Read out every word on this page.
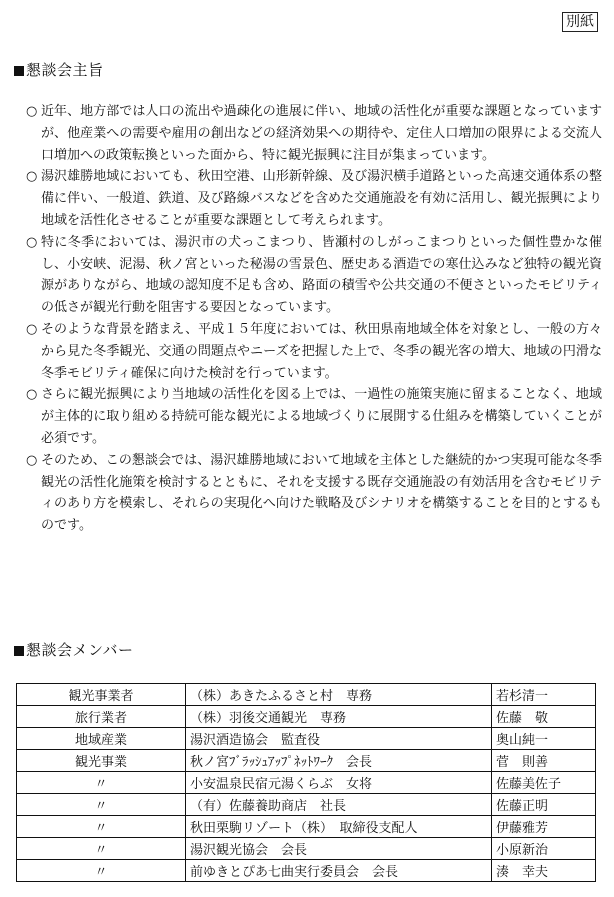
別紙
懇談会主旨
○ 近年、地方部では人口の流出や過疎化の進展に伴い、地域の活性化が重要な課題となっていますが、他産業への需要や雇用の創出などの経済効果への期待や、定住人口増加の限界による交流人口増加への政策転換といった面から、特に観光振興に注目が集まっています。
○ 湯沢雄勝地域においても、秋田空港、山形新幹線、及び湯沢横手道路といった高速交通体系の整備に伴い、一般道、鉄道、及び路線バスなどを含めた交通施設を有効に活用し、観光振興により地域を活性化させることが重要な課題として考えられます。
○ 特に冬季においては、湯沢市の犬っこまつり、皆瀬村のしがっこまつりといった個性豊かな催し、小安峡、泥湯、秋ノ宮といった秘湯の雪景色、歴史ある酒造での寒仕込みなど独特の観光資源がありながら、地域の認知度不足も含め、路面の積雪や公共交通の不便さといったモビリティの低さが観光行動を阻害する要因となっています。
○ そのような背景を踏まえ、平成１５年度においては、秋田県南地域全体を対象とし、一般の方々から見た冬季観光、交通の問題点やニーズを把握した上で、冬季の観光客の増大、地域の円滑な冬季モビリティ確保に向けた検討を行っています。
○ さらに観光振興により当地域の活性化を図る上では、一過性の施策実施に留まることなく、地域が主体的に取り組める持続可能な観光による地域づくりに展開する仕組みを構築していくことが必須です。
○ そのため、この懇談会では、湯沢雄勝地域において地域を主体とした継続的かつ実現可能な冬季観光の活性化施策を検討するとともに、それを支援する既存交通施設の有効活用を含むモビリティのあり方を模索し、それらの実現化へ向けた戦略及びシナリオを構築することを目的とするものです。
懇談会メンバー
観光事業者	（株）あきたふるさと村　専務	若杉清一
旅行業者	（株）羽後交通観光　専務	佐藤　敬
地域産業	湯沢酒造協会　監査役	奥山純一
観光事業	秋ノ宮ﾌﾞﾗｯｼｭｱｯﾌﾟﾈｯﾄﾜｰｸ　会長	菅　則善
〃	小安温泉民宿元湯くらぶ　女将	佐藤美佐子
〃	（有）佐藤養助商店　社長	佐藤正明
〃	秋田栗駒リゾート（株）　取締役支配人	伊藤雅芳
〃	湯沢観光協会　会長	小原新治
〃	前ゆきとぴあ七曲実行委員会　会長	湊　幸夫
